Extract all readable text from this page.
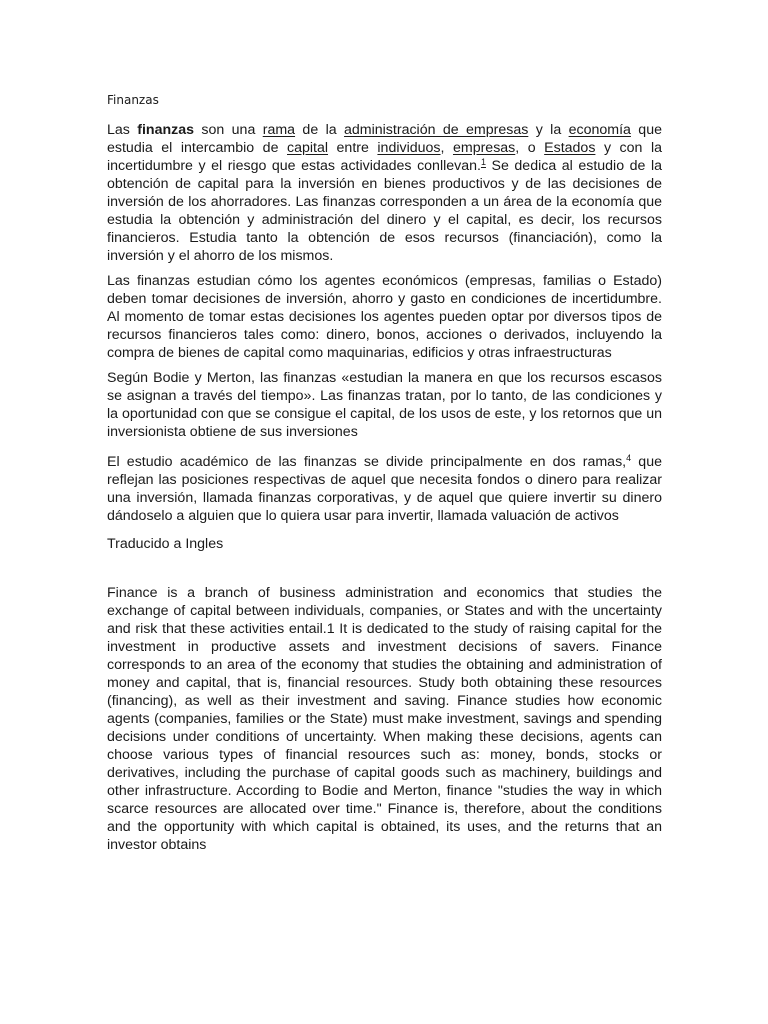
Finanzas

Las finanzas son una rama de la administración de empresas y la economía que estudia el intercambio de capital entre individuos, empresas, o Estados y con la incertidumbre y el riesgo que estas actividades conllevan.$^1$ Se dedica al estudio de la obtención de capital para la inversión en bienes productivos y de las decisiones de inversión de los ahorradores. Las finanzas corresponden a un área de la economía que estudia la obtención y administración del dinero y el capital, es decir, los recursos financieros. Estudia tanto la obtención de esos recursos (financiación), como la inversión y el ahorro de los mismos.

Las finanzas estudian cómo los agentes económicos (empresas, familias o Estado) deben tomar decisiones de inversión, ahorro y gasto en condiciones de incertidumbre. Al momento de tomar estas decisiones los agentes pueden optar por diversos tipos de recursos financieros tales como: dinero, bonos, acciones o derivados, incluyendo la compra de bienes de capital como maquinarias, edificios y otras infraestructuras

Según Bodie y Merton, las finanzas «estudian la manera en que los recursos escasos se asignan a través del tiempo». Las finanzas tratan, por lo tanto, de las condiciones y la oportunidad con que se consigue el capital, de los usos de este, y los retornos que un inversionista obtiene de sus inversiones

El estudio académico de las finanzas se divide principalmente en dos ramas,$^4$ que reflejan las posiciones respectivas de aquel que necesita fondos o dinero para realizar una inversión, llamada finanzas corporativas, y de aquel que quiere invertir su dinero dándoselo a alguien que lo quiera usar para invertir, llamada valuación de activos

Traducido a Ingles

Finance is a branch of business administration and economics that studies the exchange of capital between individuals, companies, or States and with the uncertainty and risk that these activities entail.1 It is dedicated to the study of raising capital for the investment in productive assets and investment decisions of savers. Finance corresponds to an area of the economy that studies the obtaining and administration of money and capital, that is, financial resources. Study both obtaining these resources (financing), as well as their investment and saving. Finance studies how economic agents (companies, families or the State) must make investment, savings and spending decisions under conditions of uncertainty. When making these decisions, agents can choose various types of financial resources such as: money, bonds, stocks or derivatives, including the purchase of capital goods such as machinery, buildings and other infrastructure. According to Bodie and Merton, finance "studies the way in which scarce resources are allocated over time." Finance is, therefore, about the conditions and the opportunity with which capital is obtained, its uses, and the returns that an investor obtains
